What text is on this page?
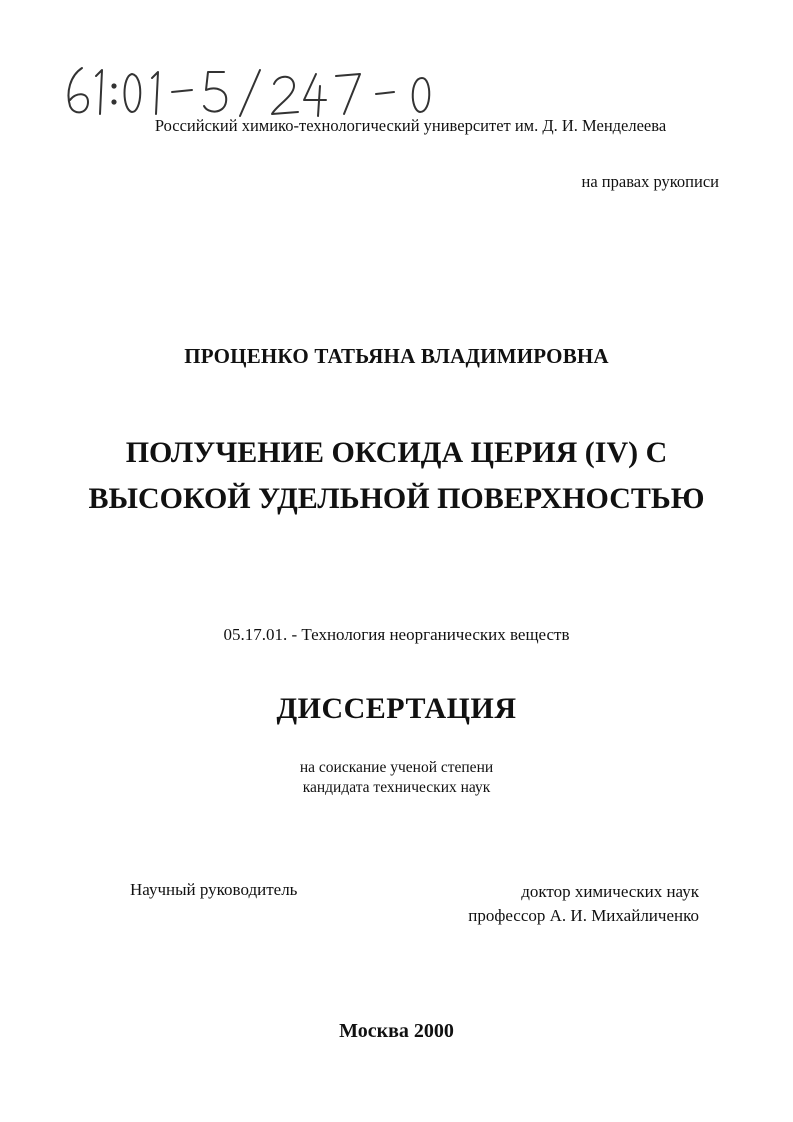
Российский химико-технологический университет им. Д. И. Менделеева
на правах рукописи
ПРОЦЕНКО ТАТЬЯНА ВЛАДИМИРОВНА
ПОЛУЧЕНИЕ ОКСИДА ЦЕРИЯ (IV) С
ВЫСОКОЙ УДЕЛЬНОЙ ПОВЕРХНОСТЬЮ
05.17.01. - Технология неорганических веществ
ДИССЕРТАЦИЯ
на соискание ученой степени
кандидата технических наук
Научный руководитель	доктор химических наук
профессор А. И. Михайличенко
Москва 2000
